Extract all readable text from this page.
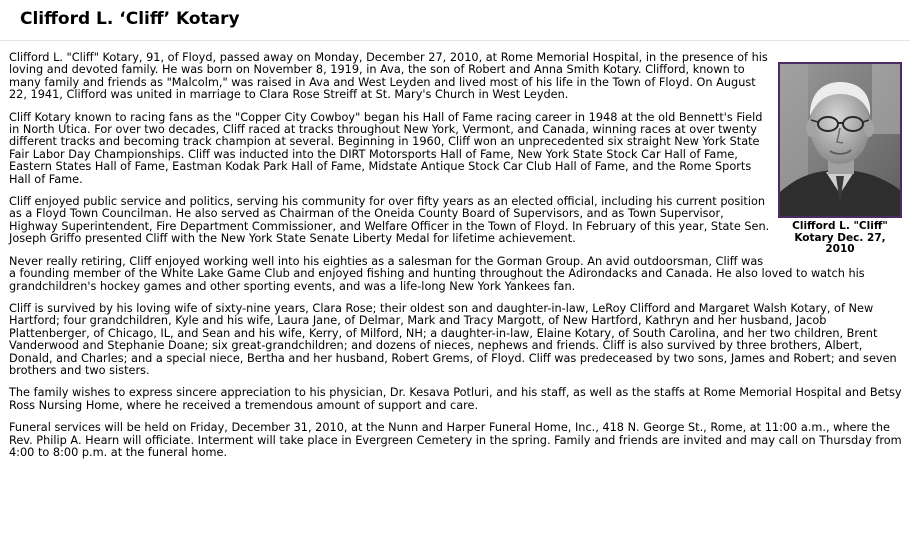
Clifford L. ‘Cliff’ Kotary
Clifford L. "Cliff" Kotary Dec. 27, 2010

Clifford L. "Cliff" Kotary, 91, of Floyd, passed away on Monday, December 27, 2010, at Rome Memorial Hospital, in the presence of his loving and devoted family. He was born on November 8, 1919, in Ava, the son of Robert and Anna Smith Kotary. Clifford, known to many family and friends as "Malcolm," was raised in Ava and West Leyden and lived most of his life in the Town of Floyd. On August 22, 1941, Clifford was united in marriage to Clara Rose Streiff at St. Mary's Church in West Leyden.

Cliff Kotary known to racing fans as the "Copper City Cowboy" began his Hall of Fame racing career in 1948 at the old Bennett's Field in North Utica. For over two decades, Cliff raced at tracks throughout New York, Vermont, and Canada, winning races at over twenty different tracks and becoming track champion at several. Beginning in 1960, Cliff won an unprecedented six straight New York State Fair Labor Day Championships. Cliff was inducted into the DIRT Motorsports Hall of Fame, New York State Stock Car Hall of Fame, Eastern States Hall of Fame, Eastman Kodak Park Hall of Fame, Midstate Antique Stock Car Club Hall of Fame, and the Rome Sports Hall of Fame.

Cliff enjoyed public service and politics, serving his community for over fifty years as an elected official, including his current position as a Floyd Town Councilman. He also served as Chairman of the Oneida County Board of Supervisors, and as Town Supervisor, Highway Superintendent, Fire Department Commissioner, and Welfare Officer in the Town of Floyd. In February of this year, State Sen. Joseph Griffo presented Cliff with the New York State Senate Liberty Medal for lifetime achievement.

Never really retiring, Cliff enjoyed working well into his eighties as a salesman for the Gorman Group. An avid outdoorsman, Cliff was a founding member of the White Lake Game Club and enjoyed fishing and hunting throughout the Adirondacks and Canada. He also loved to watch his grandchildren's hockey games and other sporting events, and was a life-long New York Yankees fan.

Cliff is survived by his loving wife of sixty-nine years, Clara Rose; their oldest son and daughter-in-law, LeRoy Clifford and Margaret Walsh Kotary, of New Hartford; four grandchildren, Kyle and his wife, Laura Jane, of Delmar, Mark and Tracy Margott, of New Hartford, Kathryn and her husband, Jacob Plattenberger, of Chicago, IL, and Sean and his wife, Kerry, of Milford, NH; a daughter-in-law, Elaine Kotary, of South Carolina, and her two children, Brent Vanderwood and Stephanie Doane; six great-grandchildren; and dozens of nieces, nephews and friends. Cliff is also survived by three brothers, Albert, Donald, and Charles; and a special niece, Bertha and her husband, Robert Grems, of Floyd. Cliff was predeceased by two sons, James and Robert; and seven brothers and two sisters.

The family wishes to express sincere appreciation to his physician, Dr. Kesava Potluri, and his staff, as well as the staffs at Rome Memorial Hospital and Betsy Ross Nursing Home, where he received a tremendous amount of support and care.

Funeral services will be held on Friday, December 31, 2010, at the Nunn and Harper Funeral Home, Inc., 418 N. George St., Rome, at 11:00 a.m., where the Rev. Philip A. Hearn will officiate. Interment will take place in Evergreen Cemetery in the spring. Family and friends are invited and may call on Thursday from 4:00 to 8:00 p.m. at the funeral home.
